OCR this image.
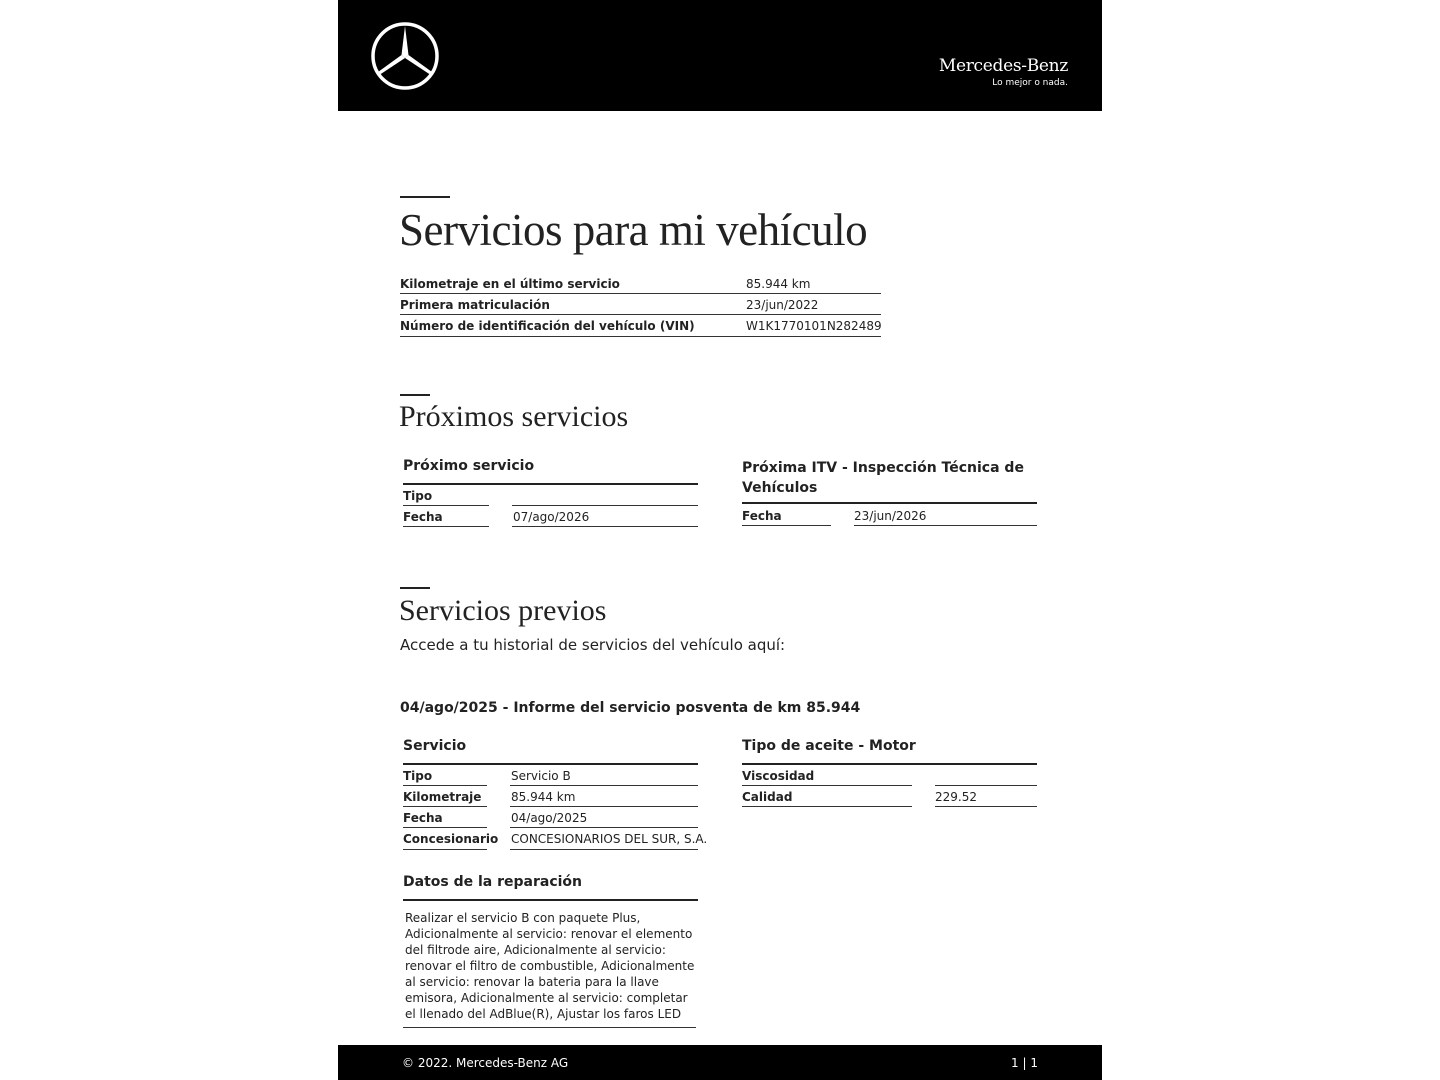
Mercedes-Benz
Lo mejor o nada.
Servicios para mi vehículo
Kilometraje en el último servicio	85.944 km
Primera matriculación	23/jun/2022
Número de identificación del vehículo (VIN)	W1K1770101N282489
Próximos servicios
Próximo servicio
Tipo
Fecha	07/ago/2026
Próxima ITV - Inspección Técnica de Vehículos
Fecha	23/jun/2026
Servicios previos
Accede a tu historial de servicios del vehículo aquí:
04/ago/2025 - Informe del servicio posventa de km 85.944
Servicio
Tipo	Servicio B
Kilometraje 85.944 km
Fecha	04/ago/2025
Concesionario CONCESIONARIOS DEL SUR, S.A.
Tipo de aceite - Motor
Viscosidad
Calidad	229.52
Datos de la reparación
Realizar el servicio B con paquete Plus, Adicionalmente al servicio: renovar el elemento del filtrode aire, Adicionalmente al servicio: renovar el filtro de combustible, Adicionalmente al servicio: renovar la bateria para la llave emisora, Adicionalmente al servicio: completar el llenado del AdBlue(R), Ajustar los faros LED
© 2022. Mercedes-Benz AG	1 | 1
